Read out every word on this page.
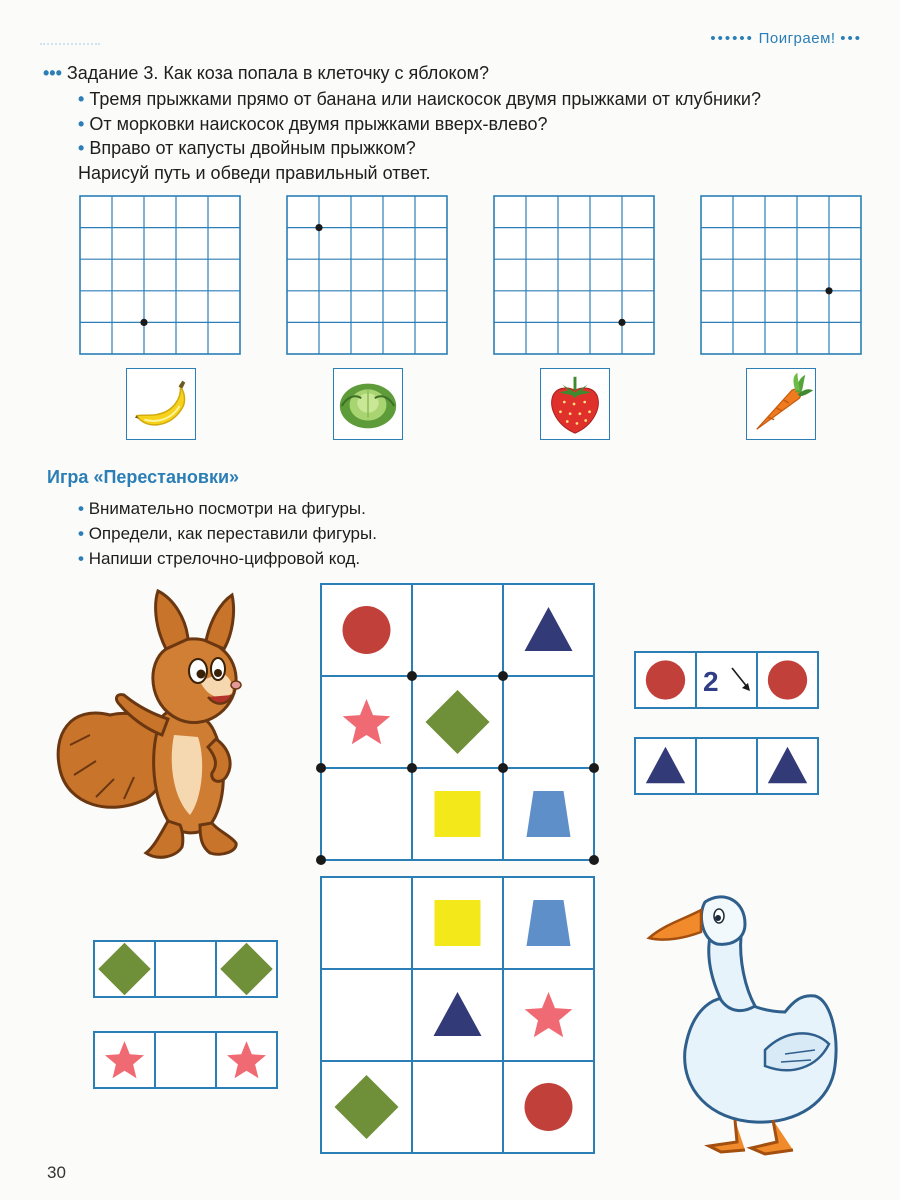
•••••• Поиграем! •••
••• Задание 3. Как коза попала в клеточку с яблоком?
• Тремя прыжками прямо от банана или наискосок двумя прыжками от клубники?
• От морковки наискосок двумя прыжками вверх-влево?
• Вправо от капусты двойным прыжком?
Нарисуй путь и обведи правильный ответ.
Игра «Перестановки»
• Внимательно посмотри на фигуры.
• Определи, как переставили фигуры.
• Напиши стрелочно-цифровой код.
2
30
